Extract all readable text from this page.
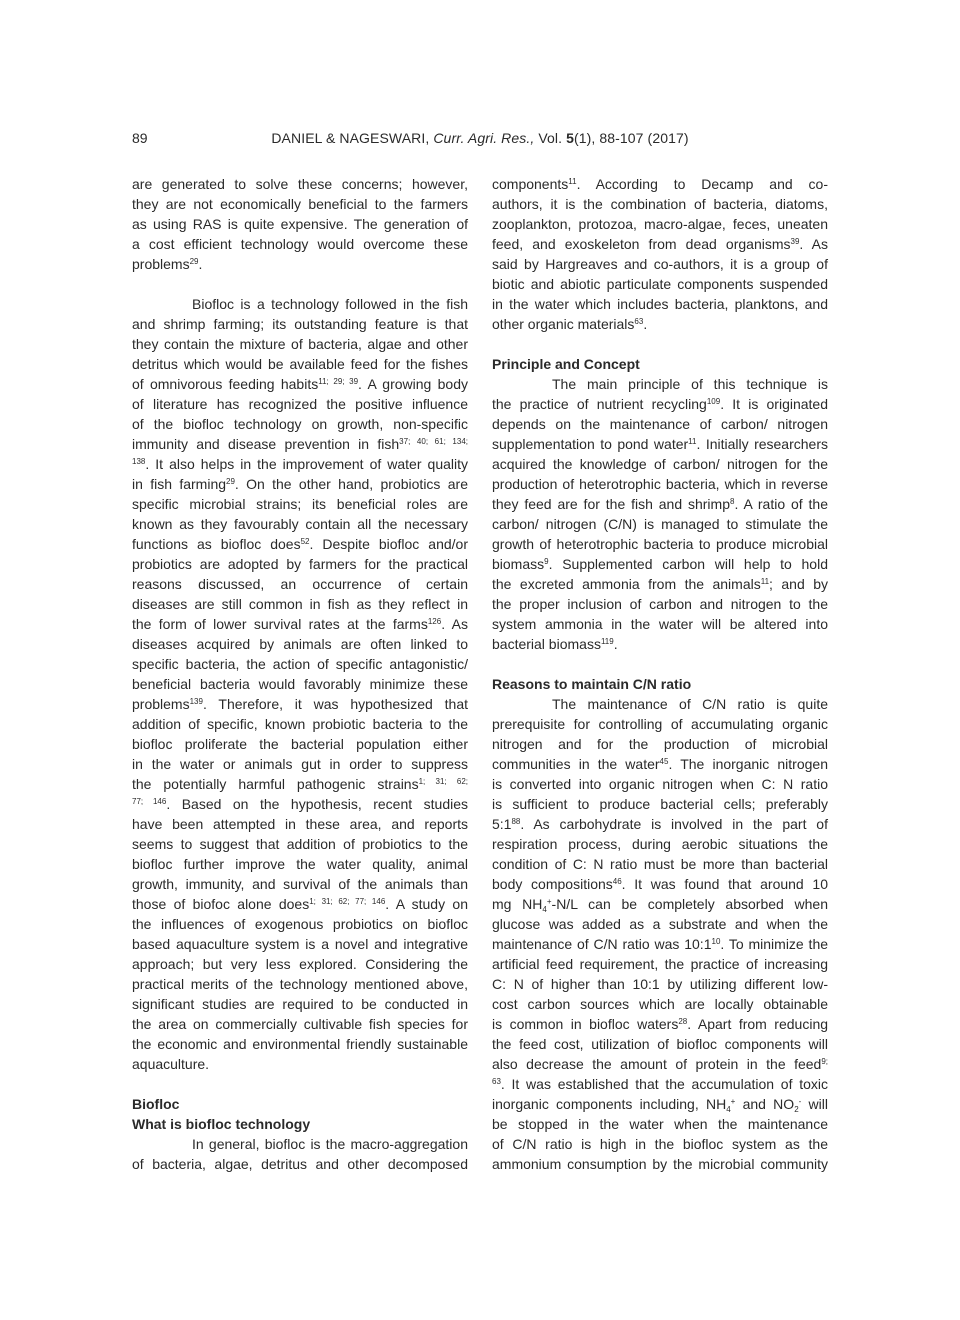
89	DANIEL & NAGESWARI, Curr. Agri. Res., Vol. 5(1), 88-107 (2017)
are generated to solve these concerns; however,
they are not economically beneficial to the farmers
as using RAS is quite expensive. The generation of
a cost efficient technology would overcome these
problems$^{29}$.
Biofloc is a technology followed in the fish
and shrimp farming; its outstanding feature is that
they contain the mixture of bacteria, algae and other
detritus which would be available feed for the fishes
of omnivorous feeding habits$^{11; 29; 39}$. A growing body
of literature has recognized the positive influence
of the biofloc technology on growth, non-specific
immunity and disease prevention in fish$^{37; 40; 61; 134;}$
$^{138}$. It also helps in the improvement of water quality
in fish farming$^{29}$. On the other hand, probiotics are
specific microbial strains; its beneficial roles are
known as they favourably contain all the necessary
functions as biofloc does$^{52}$. Despite biofloc and/or
probiotics are adopted by farmers for the practical
reasons discussed, an occurrence of certain
diseases are still common in fish as they reflect in
the form of lower survival rates at the farms$^{126}$. As
diseases acquired by animals are often linked to
specific bacteria, the action of specific antagonistic/
beneficial bacteria would favorably minimize these
problems$^{139}$. Therefore, it was hypothesized that
addition of specific, known probiotic bacteria to the
biofloc proliferate the bacterial population either
in the water or animals gut in order to suppress
the potentially harmful pathogenic strains$^{1; 31; 62;}$
$^{77; 146}$. Based on the hypothesis, recent studies
have been attempted in these area, and reports
seems to suggest that addition of probiotics to the
biofloc further improve the water quality, animal
growth, immunity, and survival of the animals than
those of biofoc alone does$^{1; 31; 62; 77; 146}$. A study on
the influences of exogenous probiotics on biofloc
based aquaculture system is a novel and integrative
approach; but very less explored. Considering the
practical merits of the technology mentioned above,
significant studies are required to be conducted in
the area on commercially cultivable fish species for
the economic and environmental friendly sustainable
aquaculture.
Biofloc
What is biofloc technology
In general, biofloc is the macro-aggregation
of bacteria, algae, detritus and other decomposed
components$^{11}$. According to Decamp and co-
authors, it is the combination of bacteria, diatoms,
zooplankton, protozoa, macro-algae, feces, uneaten
feed, and exoskeleton from dead organisms$^{39}$. As
said by Hargreaves and co-authors, it is a group of
biotic and abiotic particulate components suspended
in the water which includes bacteria, planktons, and
other organic materials$^{63}$.
Principle and Concept
The main principle of this technique is
the practice of nutrient recycling$^{109}$. It is originated
depends on the maintenance of carbon/ nitrogen
supplementation to pond water$^{11}$. Initially researchers
acquired the knowledge of carbon/ nitrogen for the
production of heterotrophic bacteria, which in reverse
they feed are for the fish and shrimp$^8$. A ratio of the
carbon/ nitrogen (C/N) is managed to stimulate the
growth of heterotrophic bacteria to produce microbial
biomass$^9$. Supplemented carbon will help to hold
the excreted ammonia from the animals$^{11}$; and by
the proper inclusion of carbon and nitrogen to the
system ammonia in the water will be altered into
bacterial biomass$^{119}$.
Reasons to maintain C/N ratio
The maintenance of C/N ratio is quite
prerequisite for controlling of accumulating organic
nitrogen and for the production of microbial
communities in the water$^{45}$. The inorganic nitrogen
is converted into organic nitrogen when C: N ratio
is sufficient to produce bacterial cells; preferably
$5:1^{88}$. As carbohydrate is involved in the part of
respiration process, during aerobic situations the
condition of C: N ratio must be more than bacterial
body compositions$^{46}$. It was found that around 10
mg $NH_4^+-N/L$ can be completely absorbed when
glucose was added as a substrate and when the
maintenance of C/N ratio was $10:1^{10}$. To minimize the
artificial feed requirement, the practice of increasing
C: N of higher than 10:1 by utilizing different low-
cost carbon sources which are locally obtainable
is common in biofloc waters$^{28}$. Apart from reducing
the feed cost, utilization of biofloc components will
also decrease the amount of protein in the feed$^{9;}$
$^{63}$. It was established that the accumulation of toxic
inorganic components including, $NH_4^+$ and $NO_2^-$ will
be stopped in the water when the maintenance
of C/N ratio is high in the biofloc system as the
ammonium consumption by the microbial community
